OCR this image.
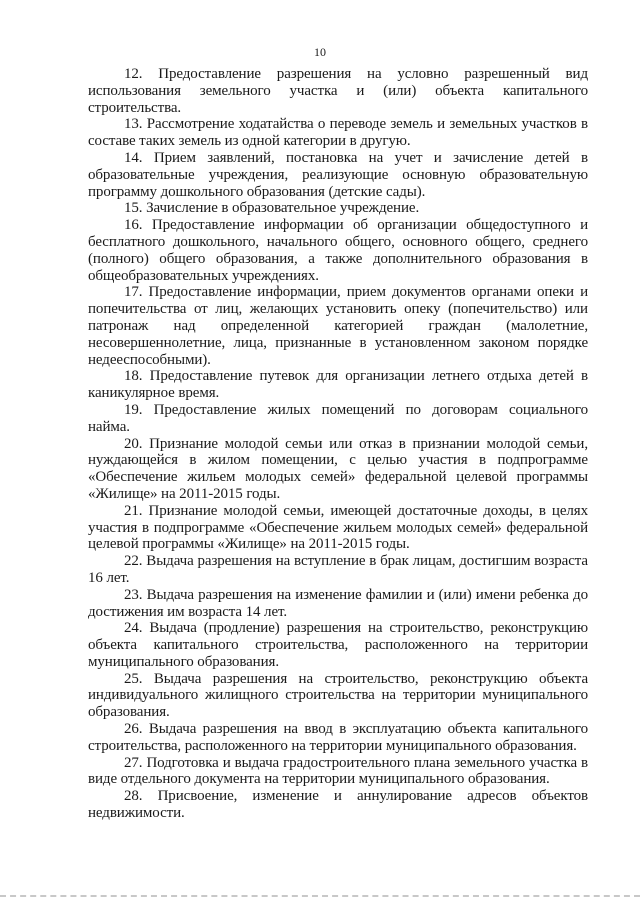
10

12. Предоставление разрешения на условно разрешенный вид использования земельного участка и (или) объекта капитального строительства.

13. Рассмотрение ходатайства о переводе земель и земельных участков в составе таких земель из одной категории в другую.

14. Прием заявлений, постановка на учет и зачисление детей в образовательные учреждения, реализующие основную образовательную программу дошкольного образования (детские сады).

15. Зачисление в образовательное учреждение.

16. Предоставление информации об организации общедоступного и бесплатного дошкольного, начального общего, основного общего, среднего (полного) общего образования, а также дополнительного образования в общеобразовательных учреждениях.

17. Предоставление информации, прием документов органами опеки и попечительства от лиц, желающих установить опеку (попечительство) или патронаж над определенной категорией граждан (малолетние, несовершеннолетние, лица, признанные в установленном законом порядке недееспособными).

18. Предоставление путевок для организации летнего отдыха детей в каникулярное время.

19. Предоставление жилых помещений по договорам социального найма.

20. Признание молодой семьи или отказ в признании молодой семьи, нуждающейся в жилом помещении, с целью участия в подпрограмме «Обеспечение жильем молодых семей» федеральной целевой программы «Жилище» на 2011-2015 годы.

21. Признание молодой семьи, имеющей достаточные доходы, в целях участия в подпрограмме «Обеспечение жильем молодых семей» федеральной целевой программы «Жилище» на 2011-2015 годы.

22. Выдача разрешения на вступление в брак лицам, достигшим возраста 16 лет.

23. Выдача разрешения на изменение фамилии и (или) имени ребенка до достижения им возраста 14 лет.

24. Выдача (продление) разрешения на строительство, реконструкцию объекта капитального строительства, расположенного на территории муниципального образования.

25. Выдача разрешения на строительство, реконструкцию объекта индивидуального жилищного строительства на территории муниципального образования.

26. Выдача разрешения на ввод в эксплуатацию объекта капитального строительства, расположенного на территории муниципального образования.

27. Подготовка и выдача градостроительного плана земельного участка в виде отдельного документа на территории муниципального образования.

28. Присвоение, изменение и аннулирование адресов объектов недвижимости.
